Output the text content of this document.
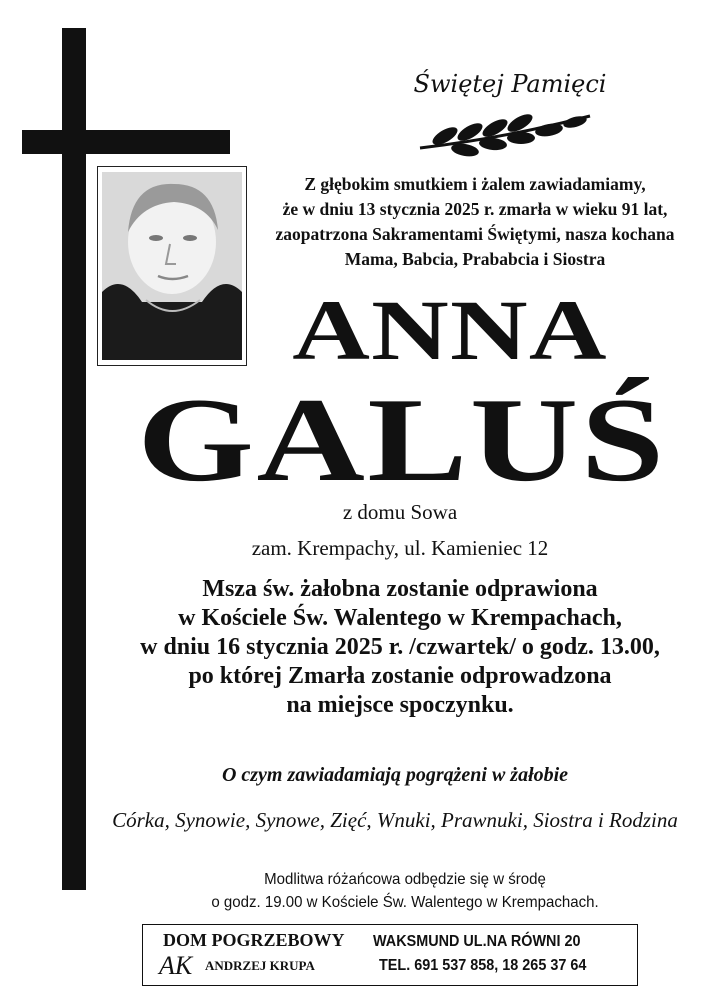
Świętej Pamięci
Z głębokim smutkiem i żalem zawiadamiamy,
że w dniu 13 stycznia 2025 r. zmarła w wieku 91 lat,
zaopatrzona Sakramentami Świętymi, nasza kochana
Mama, Babcia, Prababcia i Siostra
ANNA
GALUŚ
z domu Sowa
zam. Krempachy, ul. Kamieniec 12
Msza św. żałobna zostanie odprawiona
w Kościele Św. Walentego w Krempachach,
w dniu 16 stycznia 2025 r. /czwartek/ o godz. 13.00,
po której Zmarła zostanie odprowadzona
na miejsce spoczynku.
O czym zawiadamiają pogrążeni w żałobie
Córka, Synowie, Synowe, Zięć, Wnuki, Prawnuki, Siostra i Rodzina
Modlitwa różańcowa odbędzie się w środę
o godz. 19.00 w Kościele Św. Walentego w Krempachach.
DOM POGRZEBOWY
AK ANDRZEJ KRUPA
WAKSMUND UL.NA RÓWNI 20
TEL. 691 537 858, 18 265 37 64
